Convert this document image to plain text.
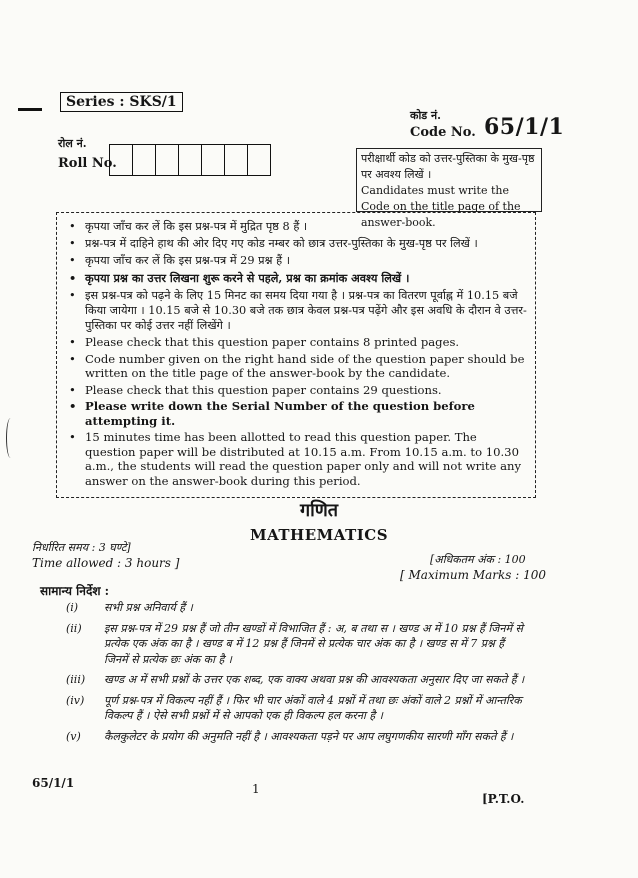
Series : SKS/1
कोड नं.
Code No. 65/1/1
रोल नं.
Roll No.	परीक्षार्थी कोड को उत्तर-पुस्तिका के मुख-पृष्ठ पर अवश्य लिखें ।
Candidates must write the Code on the title page of the answer-book.
• कृपया जाँच कर लें कि इस प्रश्न-पत्र में मुद्रित पृष्ठ 8 हैं ।
• प्रश्न-पत्र में दाहिने हाथ की ओर दिए गए कोड नम्बर को छात्र उत्तर-पुस्तिका के मुख-पृष्ठ पर लिखें ।
• कृपया जाँच कर लें कि इस प्रश्न-पत्र में 29 प्रश्न हैं ।
• कृपया प्रश्न का उत्तर लिखना शुरू करने से पहले, प्रश्न का क्रमांक अवश्य लिखें ।
• इस प्रश्न-पत्र को पढ़ने के लिए 15 मिनट का समय दिया गया है । प्रश्न-पत्र का वितरण पूर्वाह्न में 10.15 बजे किया जायेगा । 10.15 बजे से 10.30 बजे तक छात्र केवल प्रश्न-पत्र पढ़ेंगे और इस अवधि के दौरान वे उत्तर-पुस्तिका पर कोई उत्तर नहीं लिखेंगे ।
• Please check that this question paper contains 8 printed pages.
• Code number given on the right hand side of the question paper should be written on the title page of the answer-book by the candidate.
• Please check that this question paper contains 29 questions.
• Please write down the Serial Number of the question before attempting it.
• 15 minutes time has been allotted to read this question paper. The question paper will be distributed at 10.15 a.m. From 10.15 a.m. to 10.30 a.m., the students will read the question paper only and will not write any answer on the answer-book during this period.
गणित
MATHEMATICS
निर्धारित समय : 3 घण्टे]
Time allowed : 3 hours ]	[अधिकतम अंक : 100
[ Maximum Marks : 100
सामान्य निर्देश :
(i) सभी प्रश्न अनिवार्य हैं ।
(ii) इस प्रश्न-पत्र में 29 प्रश्न हैं जो तीन खण्डों में विभाजित हैं : अ, ब तथा स । खण्ड अ में 10 प्रश्न हैं जिनमें से प्रत्येक एक अंक का है । खण्ड ब में 12 प्रश्न हैं जिनमें से प्रत्येक चार अंक का है । खण्ड स में 7 प्रश्न हैं जिनमें से प्रत्येक छः अंक का है ।
(iii) खण्ड अ में सभी प्रश्नों के उत्तर एक शब्द, एक वाक्य अथवा प्रश्न की आवश्यकता अनुसार दिए जा सकते हैं ।
(iv) पूर्ण प्रश्न-पत्र में विकल्प नहीं हैं । फिर भी चार अंकों वाले 4 प्रश्नों में तथा छः अंकों वाले 2 प्रश्नों में आन्तरिक विकल्प हैं । ऐसे सभी प्रश्नों में से आपको एक ही विकल्प हल करना है ।
(v) कैलकुलेटर के प्रयोग की अनुमति नहीं है । आवश्यकता पड़ने पर आप लघुगणकीय सारणी माँग सकते हैं ।
65/1/1	1
[P.T.O.
